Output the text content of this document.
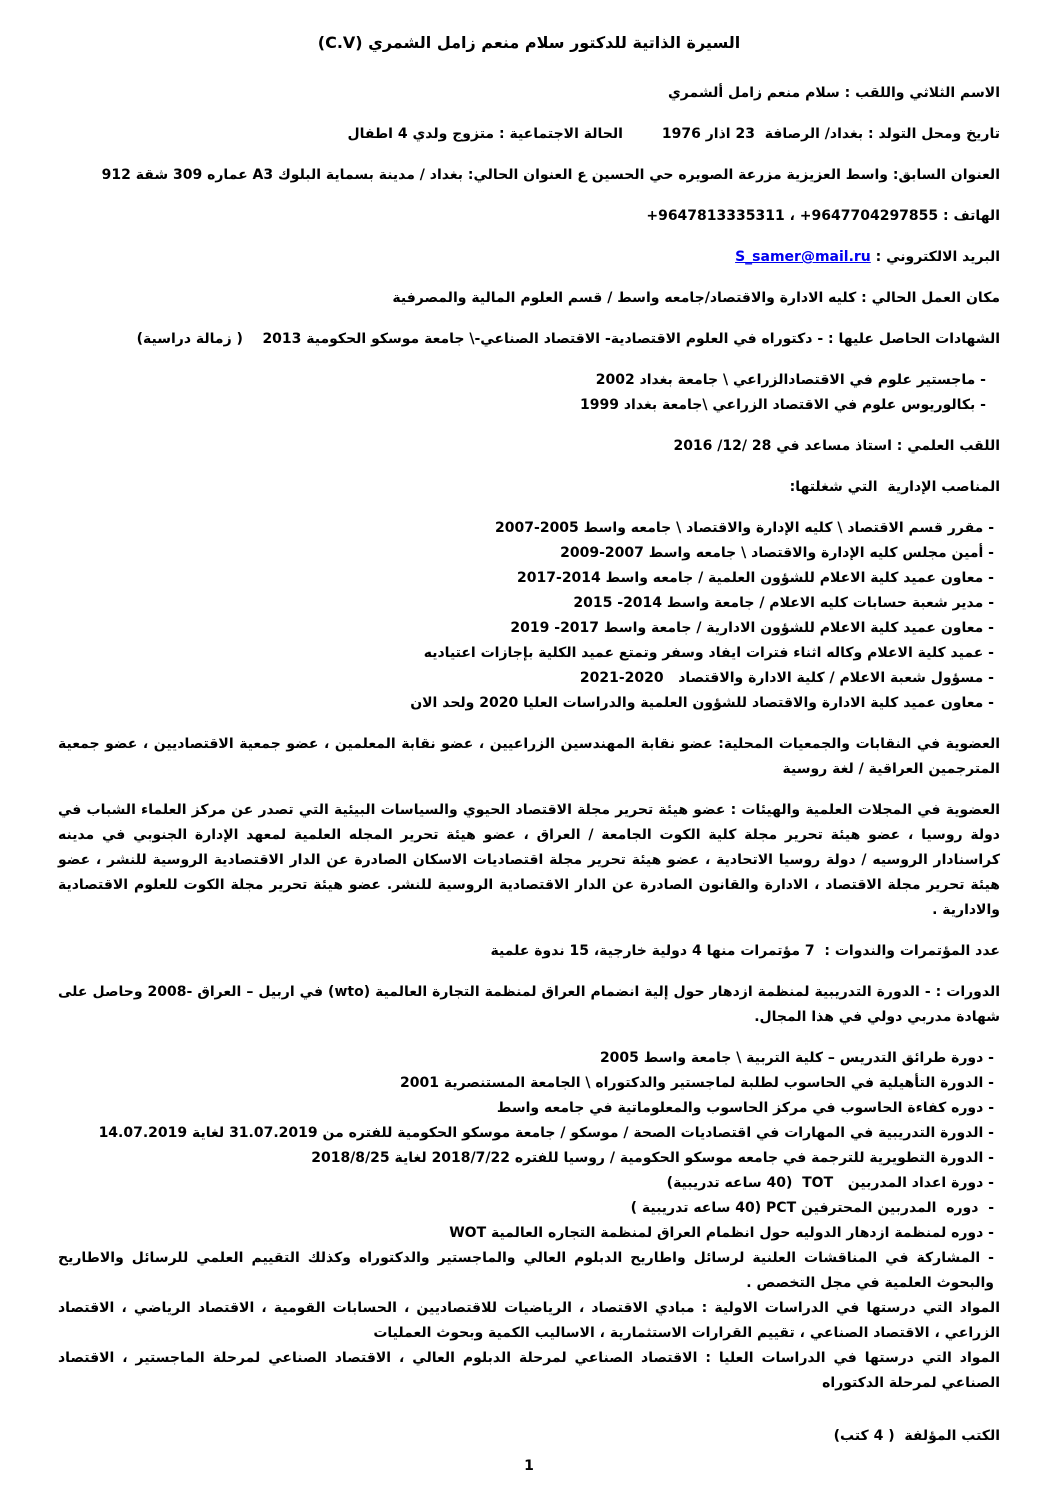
السيرة الذاتية للدكتور سلام منعم زامل الشمري (C.V)

الاسم الثلاثي واللقب : سلام منعم زامل ألشمري

تاريخ ومحل التولد : بغداد/ الرصافة  23 اذار 1976        الحالة الاجتماعية : متزوج ولدي 4 اطفال

العنوان السابق: واسط العزيزية مزرعة الصويره حي الحسين ع العنوان الحالي: بغداد / مدينة بسماية البلوك A3 عماره 309 شقة 912

الهاتف : 9647704297855+ ، 9647813335311+

البريد الالكتروني : S_samer@mail.ru

مكان العمل الحالي : كليه الادارة والاقتصاد/جامعه واسط / قسم العلوم المالية والمصرفية

الشهادات الحاصل عليها : - دكتوراه في العلوم الاقتصادية- الاقتصاد الصناعي-\ جامعة موسكو الحكومية 2013    ( زمالة دراسية)

- ماجستير علوم في الاقتصادالزراعي \ جامعة بغداد 2002

- بكالوريوس علوم في الاقتصاد الزراعي \جامعة بغداد 1999

اللقب العلمي : استاذ مساعد في 28 /12/ 2016

المناصب الإدارية  التي شغلتها:

- مقرر قسم الاقتصاد \ كليه الإدارة والاقتصاد \ جامعه واسط 2005‏-2007

- أمين مجلس كليه الإدارة والاقتصاد \ جامعه واسط 2007‏-2009

- معاون عميد كلية الاعلام للشؤون العلمية / جامعه واسط 2014‏-2017

- مدير شعبة حسابات كليه الاعلام / جامعة واسط 2014‏- 2015

- معاون عميد كلية الاعلام للشؤون الادارية / جامعة واسط 2017‏- 2019

- عميد كلية الاعلام وكاله اثناء فترات ايفاد وسفر وتمتع عميد الكلية بإجازات اعتياديه

- مسؤول شعبة الاعلام / كلية الادارة والاقتصاد   2020‏-2021

- معاون عميد كلية الادارة والاقتصاد للشؤون العلمية والدراسات العليا 2020 ولحد الان

العضوية في النقابات والجمعيات المحلية: عضو نقابة المهندسين الزراعيين ، عضو نقابة المعلمين ، عضو جمعية الاقتصاديين ، عضو جمعية المترجمين العراقية / لغة روسية

العضوية في المجلات العلمية والهيئات : عضو هيئة تحرير مجلة الاقتصاد الحيوي والسياسات البيئية التي تصدر عن مركز العلماء الشباب في دولة روسيا ، عضو هيئة تحرير مجلة كلية الكوت الجامعة / العراق ، عضو هيئة تحرير المجله العلمية لمعهد الإدارة الجنوبي في مدينه كراسنادار الروسيه / دولة روسيا الاتحادية ، عضو هيئة تحرير مجلة اقتصاديات الاسكان الصادرة عن الدار الاقتصادية الروسية للنشر ، عضو هيئة تحرير مجلة الاقتصاد ، الادارة والقانون الصادرة عن الدار الاقتصادية الروسية للنشر. عضو هيئة تحرير مجلة الكوت للعلوم الاقتصادية والادارية .

عدد المؤتمرات والندوات :  7 مؤتمرات منها 4 دولية خارجية، 15 ندوة علمية

الدورات : - الدورة التدريبية لمنظمة ازدهار حول إلية انضمام العراق لمنظمة التجارة العالمية (wto) في اربيل – العراق -2008 وحاصل على شهادة مدربي دولي في هذا المجال.

- دورة طرائق التدريس – كلية التربية \ جامعة واسط 2005

- الدورة التأهيلية في الحاسوب لطلبة لماجستير والدكتوراه \ الجامعة المستنصرية 2001

- دوره كفاءة الحاسوب في مركز الحاسوب والمعلوماتية في جامعه واسط

- الدورة التدريبية في المهارات في اقتصاديات الصحة / موسكو / جامعة موسكو الحكومية للفتره من 31.07.2019 لغاية 14.07.2019

- الدورة التطويرية للترجمة في جامعه موسكو الحكومية / روسيا للفتره 2018/7/22 لغاية 2018/8/25

- دورة اعداد المدربين   TOT  (40 ساعه تدريبية)

-  دوره  المدربين المحترفين PCT (40 ساعه تدريبية )

- دوره لمنظمة ازدهار الدوليه حول انظمام العراق لمنظمة التجاره العالمية WOT

- المشاركة في المناقشات العلنية لرسائل واطاريح الدبلوم العالي والماجستير والدكتوراه وكذلك التقييم العلمي للرسائل والاطاريح والبحوث العلمية في مجل التخصص .

المواد التي درستها في الدراسات الاولية : مبادي الاقتصاد ، الرياضيات للاقتصاديين ، الحسابات القومية ، الاقتصاد الرياضي ، الاقتصاد الزراعي ، الاقتصاد الصناعي ، تقييم القرارات الاستثمارية ، الاساليب الكمية وبحوث العمليات

المواد التي درستها في الدراسات العليا : الاقتصاد الصناعي لمرحلة الدبلوم العالي ، الاقتصاد الصناعي لمرحلة الماجستير ، الاقتصاد الصناعي لمرحلة الدكتوراه

الكتب المؤلفة  ( 4 كتب)

1
